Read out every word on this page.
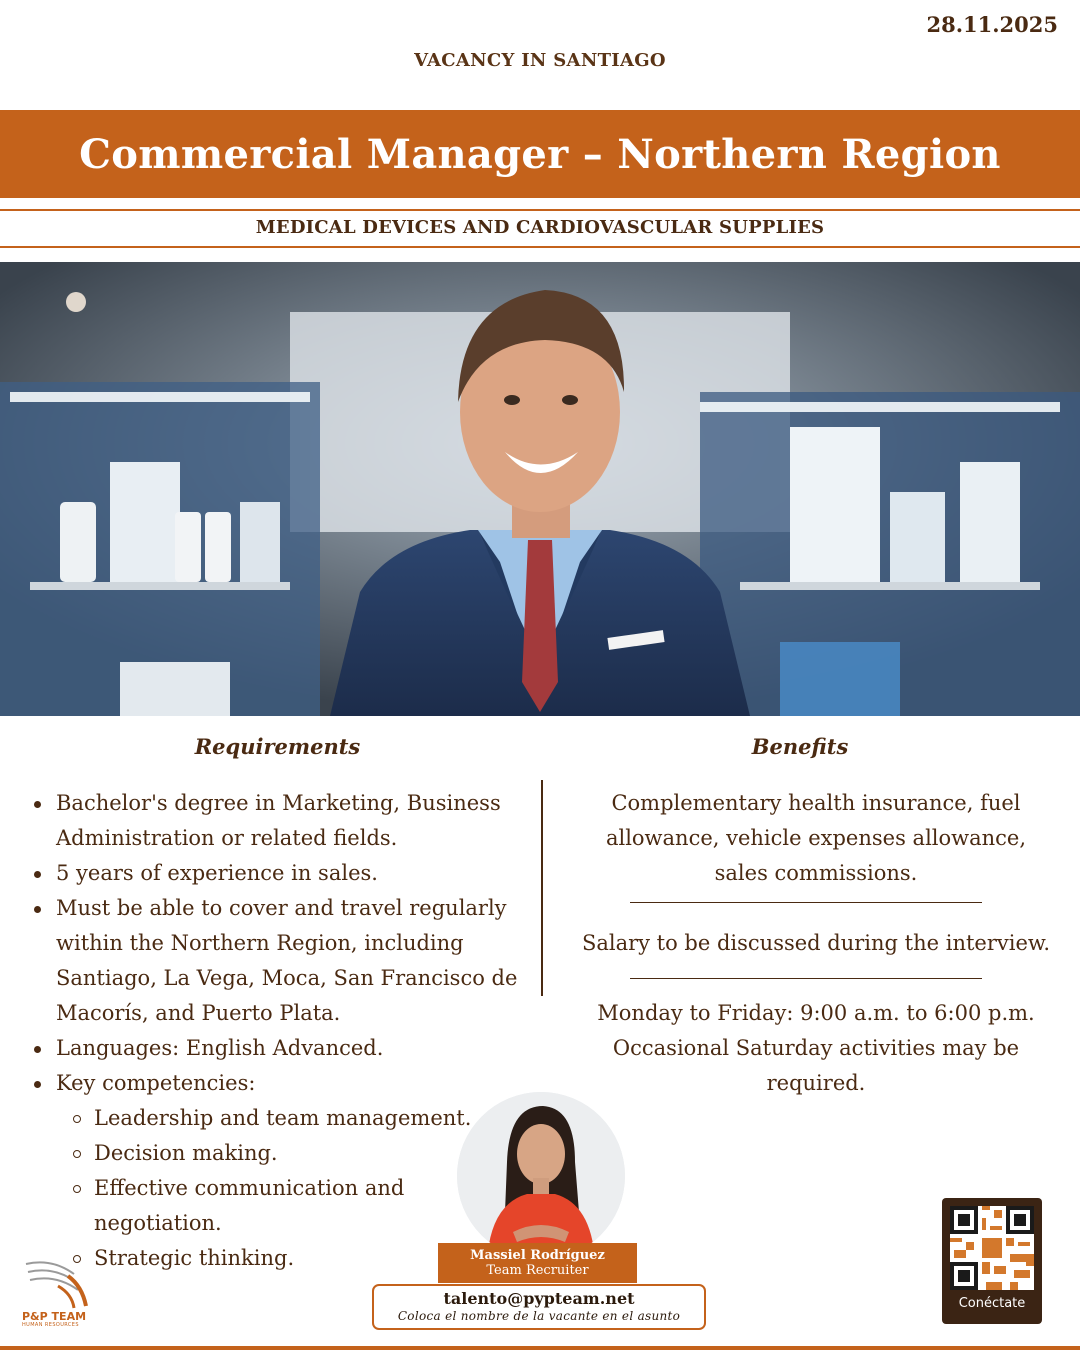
28.11.2025
VACANCY IN SANTIAGO
Commercial Manager – Northern Region
MEDICAL DEVICES AND CARDIOVASCULAR SUPPLIES
Requirements	Benefits
Bachelor's degree in Marketing, Business Administration or related fields.
5 years of experience in sales.
Must be able to cover and travel regularly within the Northern Region, including Santiago, La Vega, Moca, San Francisco de Macorís, and Puerto Plata.
Languages: English Advanced.
Key competencies:
Leadership and team management.
Decision making.
Effective communication and negotiation.
Strategic thinking.
Complementary health insurance, fuel allowance, vehicle expenses allowance, sales commissions.
Salary to be discussed during the interview.
Monday to Friday: 9:00 a.m. to 6:00 p.m. Occasional Saturday activities may be required.
Massiel Rodríguez
Team Recruiter
talento@pypteam.net
Coloca el nombre de la vacante en el asunto
P&P TEAM
HUMAN RESOURCES
Conéctate
